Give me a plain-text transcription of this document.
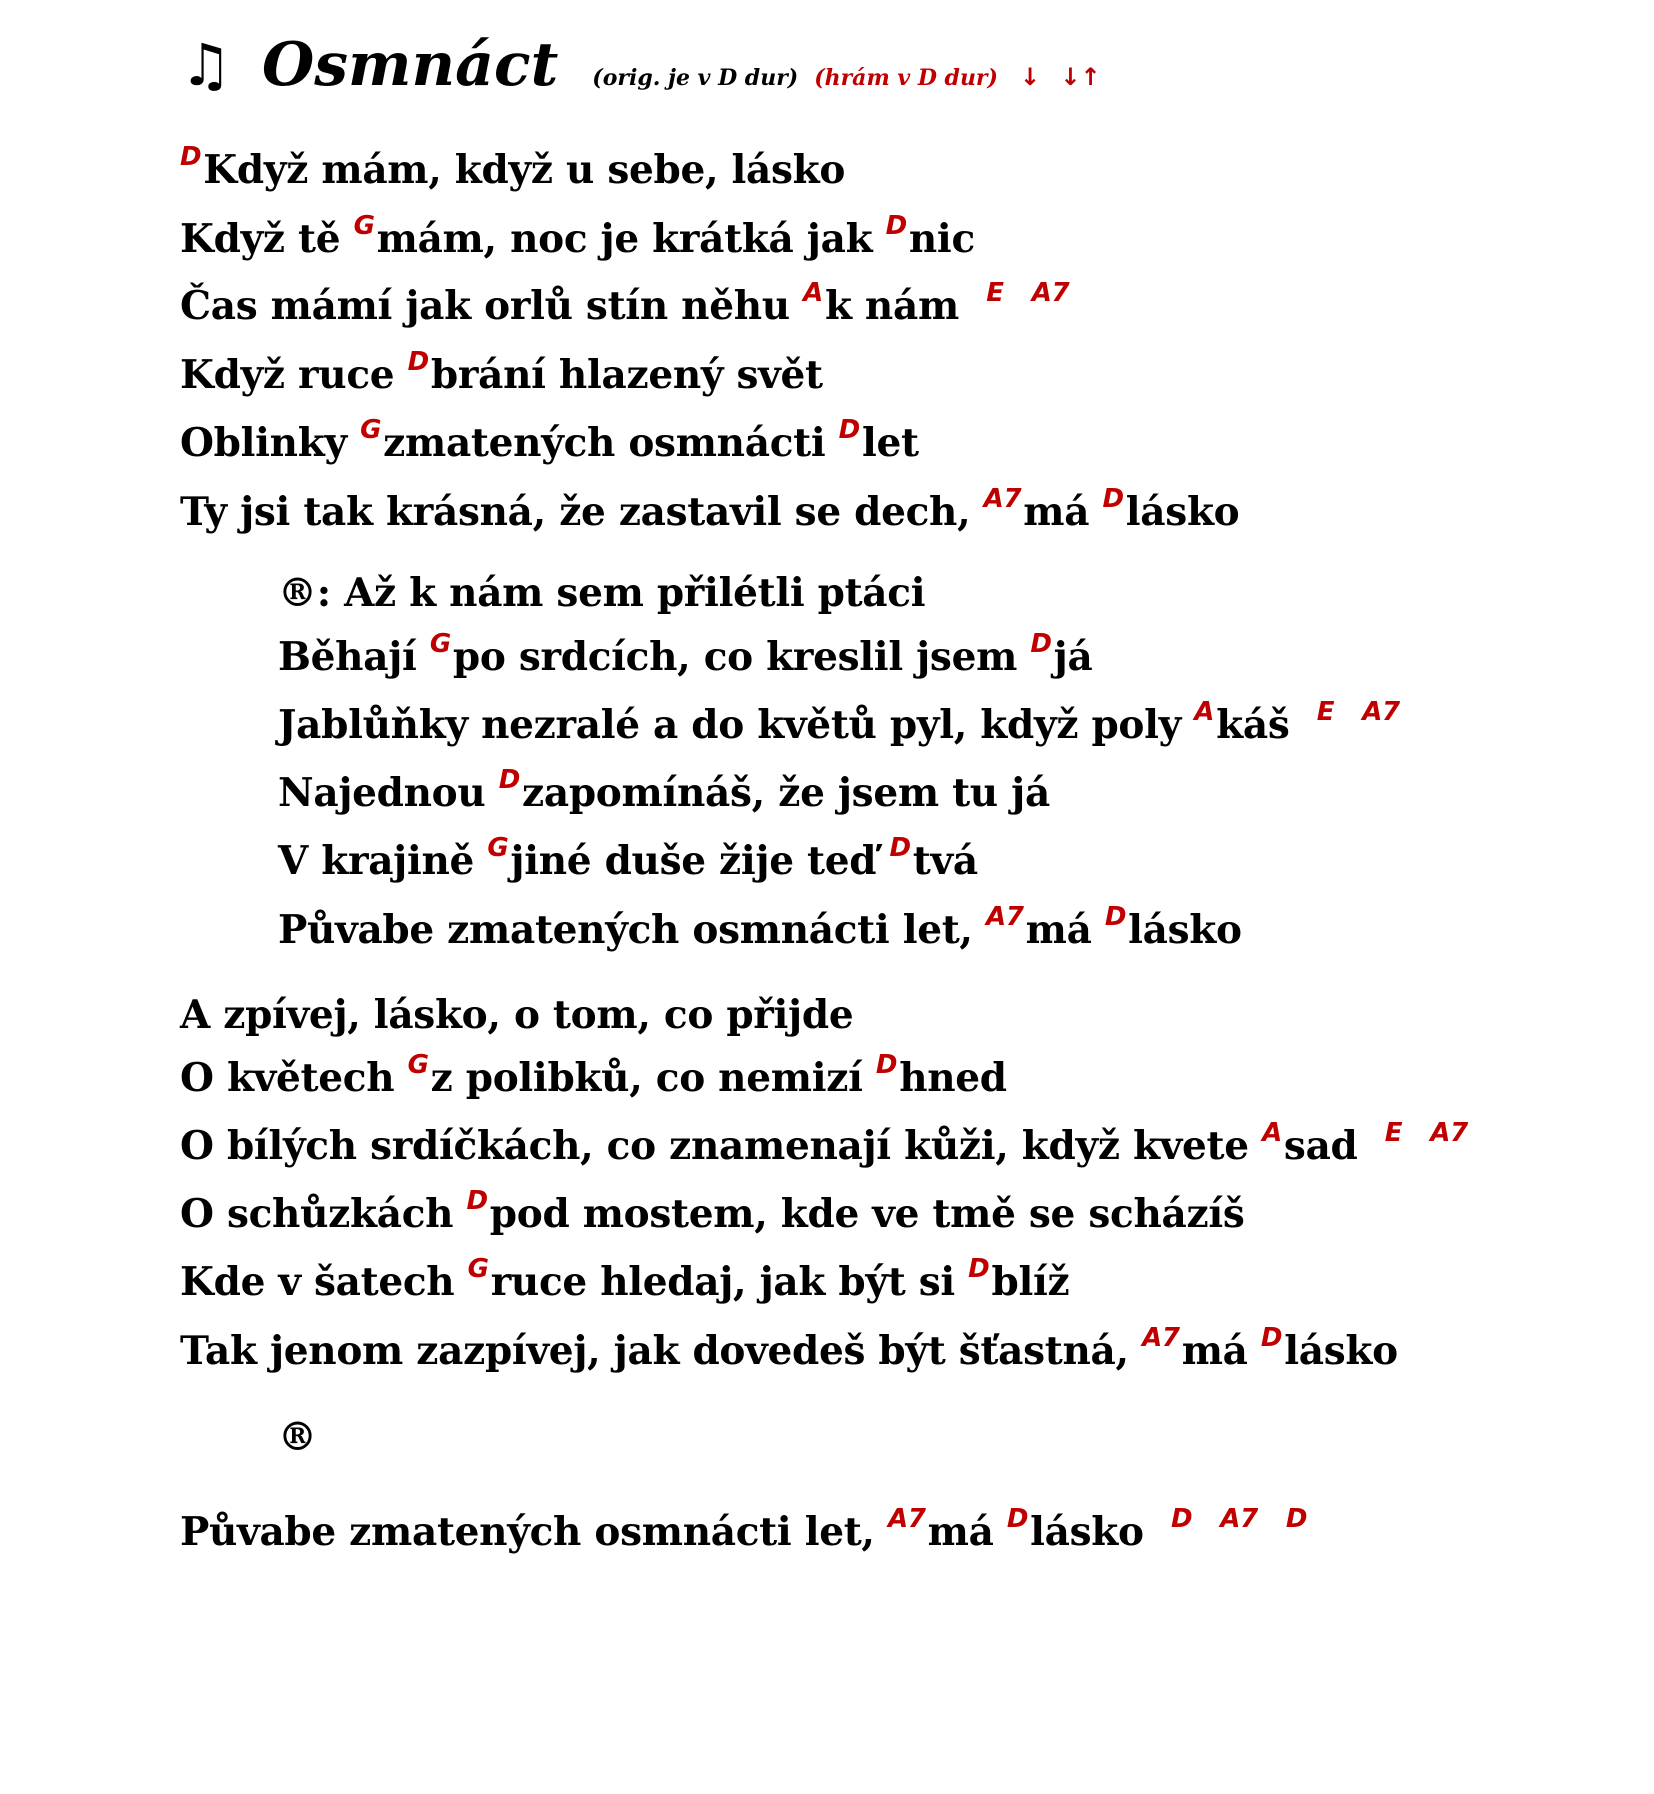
♫ Osmnáct (orig. je v D dur) (hrám v D dur) ↓ ↓↑
$^D$Když mám, když u sebe, lásko
Když tě $^G$mám, noc je krátká jak $^D$nic
Čas mámí jak orlů stín něhu $^A$k nám $^E$ $^{A7}$
Když ruce $^D$brání hlazený svět
Oblinky $^G$zmatených osmnácti $^D$let
Ty jsi tak krásná, že zastavil se dech, $^{A7}$má $^D$lásko
®: Až k nám sem přilétli ptáci
Běhají $^G$po srdcích, co kreslil jsem $^D$já
Jablůňky nezralé a do květů pyl, když poly $^A$káš $^E$ $^{A7}$
Najednou $^D$zapomínáš, že jsem tu já
V krajině $^G$jiné duše žije teď $^D$tvá
Půvabe zmatených osmnácti let, $^{A7}$má $^D$lásko
A zpívej, lásko, o tom, co přijde
O květech $^G$z polibků, co nemizí $^D$hned
O bílých srdíčkách, co znamenají kůži, když kvete $^A$sad $^E$ $^{A7}$
O schůzkách $^D$pod mostem, kde ve tmě se scházíš
Kde v šatech $^G$ruce hledaj, jak být si $^D$blíž
Tak jenom zazpívej, jak dovedeš být šťastná, $^{A7}$má $^D$lásko
®
Půvabe zmatených osmnácti let, $^{A7}$má $^D$lásko $^D$ $^{A7}$ $^D$
